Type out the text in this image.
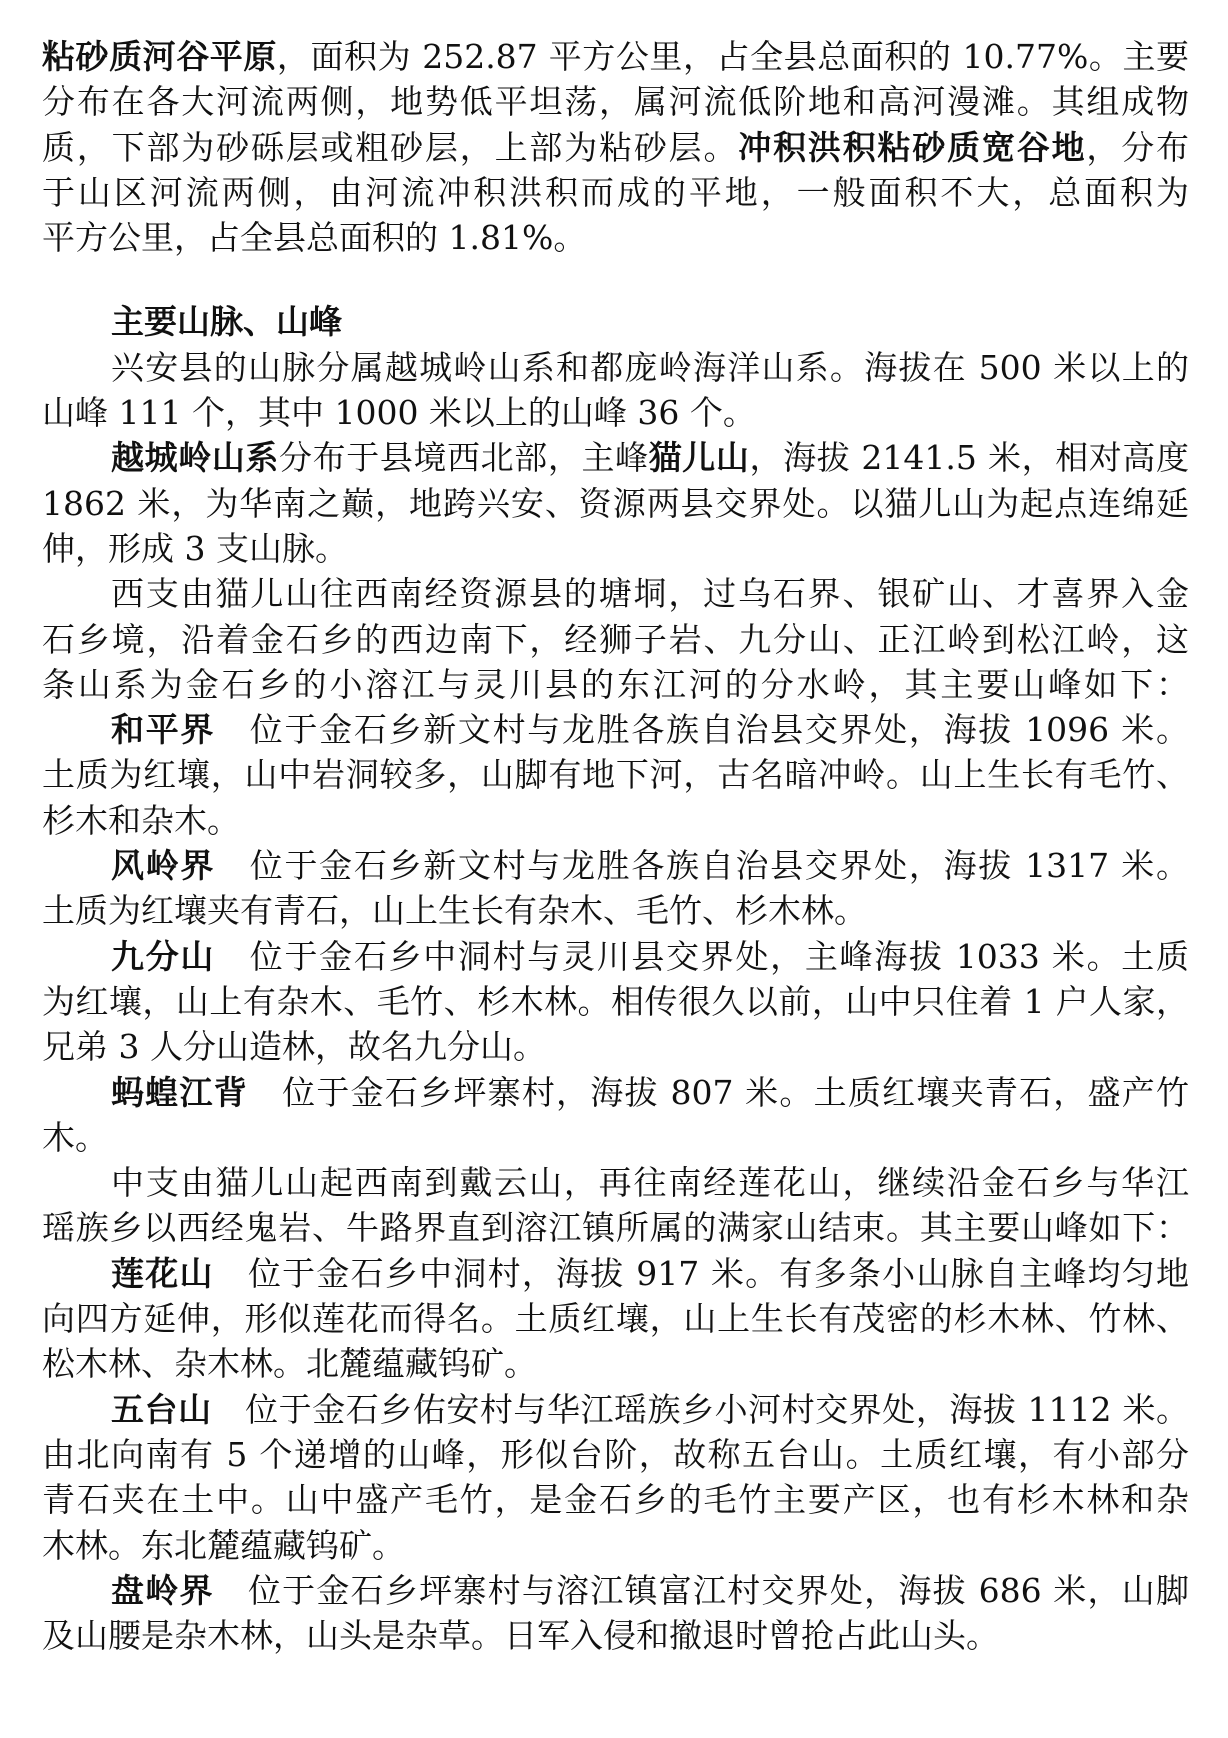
粘砂质河谷平原，面积为 252.87 平方公里，占全县总面积的 10.77%。主要
分布在各大河流两侧，地势低平坦荡，属河流低阶地和高河漫滩。其组成物
质，下部为砂砾层或粗砂层，上部为粘砂层。冲积洪积粘砂质宽谷地，分布
于山区河流两侧，由河流冲积洪积而成的平地，一般面积不大，总面积为
平方公里，占全县总面积的 1.81%。
主要山脉、山峰
兴安县的山脉分属越城岭山系和都庞岭海洋山系。海拔在 500 米以上的
山峰 111 个，其中 1000 米以上的山峰 36 个。
越城岭山系分布于县境西北部，主峰猫儿山，海拔 2141.5 米，相对高度
1862 米，为华南之巅，地跨兴安、资源两县交界处。以猫儿山为起点连绵延
伸，形成 3 支山脉。
西支由猫儿山往西南经资源县的塘垌，过乌石界、银矿山、才喜界入金
石乡境，沿着金石乡的西边南下，经狮子岩、九分山、正江岭到松江岭，这
条山系为金石乡的小溶江与灵川县的东江河的分水岭，其主要山峰如下：
和平界　位于金石乡新文村与龙胜各族自治县交界处，海拔 1096 米。
土质为红壤，山中岩洞较多，山脚有地下河，古名暗冲岭。山上生长有毛竹、
杉木和杂木。
风岭界　位于金石乡新文村与龙胜各族自治县交界处，海拔 1317 米。
土质为红壤夹有青石，山上生长有杂木、毛竹、杉木林。
九分山　位于金石乡中洞村与灵川县交界处，主峰海拔 1033 米。土质
为红壤，山上有杂木、毛竹、杉木林。相传很久以前，山中只住着 1 户人家，
兄弟 3 人分山造林，故名九分山。
蚂蝗江背　位于金石乡坪寨村，海拔 807 米。土质红壤夹青石，盛产竹
木。
中支由猫儿山起西南到戴云山，再往南经莲花山，继续沿金石乡与华江
瑶族乡以西经鬼岩、牛路界直到溶江镇所属的满家山结束。其主要山峰如下：
莲花山　位于金石乡中洞村，海拔 917 米。有多条小山脉自主峰均匀地
向四方延伸，形似莲花而得名。土质红壤，山上生长有茂密的杉木林、竹林、
松木林、杂木林。北麓蕴藏钨矿。
五台山　位于金石乡佑安村与华江瑶族乡小河村交界处，海拔 1112 米。
由北向南有 5 个递增的山峰，形似台阶，故称五台山。土质红壤，有小部分
青石夹在土中。山中盛产毛竹，是金石乡的毛竹主要产区，也有杉木林和杂
木林。东北麓蕴藏钨矿。
盘岭界　位于金石乡坪寨村与溶江镇富江村交界处，海拔 686 米，山脚
及山腰是杂木林，山头是杂草。日军入侵和撤退时曾抢占此山头。
